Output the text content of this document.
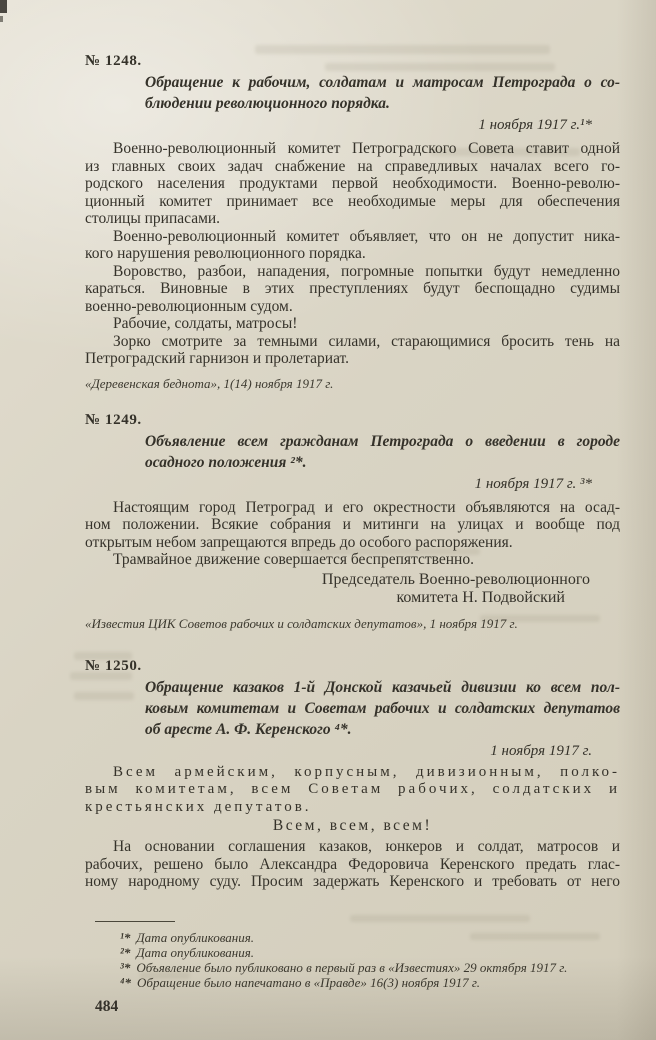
№ 1248.
Обращение к рабочим, солдатам и матросам Петрограда о со-
блюдении революционного порядка.
1 ноября 1917 г.¹*

Военно-революционный комитет Петроградского Совета ставит одной
из главных своих задач снабжение на справедливых началах всего го-
родского населения продуктами первой необходимости. Военно-револю-
ционный комитет принимает все необходимые меры для обеспечения
столицы припасами.

Военно-революционный комитет объявляет, что он не допустит ника-
кого нарушения революционного порядка.

Воровство, разбои, нападения, погромные попытки будут немедленно
караться. Виновные в этих преступлениях будут беспощадно судимы
военно-революционным судом.

Рабочие, солдаты, матросы!

Зорко смотрите за темными силами, старающимися бросить тень на
Петроградский гарнизон и пролетариат.

«Деревенская беднота», 1(14) ноября 1917 г.
№ 1249.
Объявление всем гражданам Петрограда о введении в городе
осадного положения ²*.
1 ноября 1917 г. ³*

Настоящим город Петроград и его окрестности объявляются на осад-
ном положении. Всякие собрания и митинги на улицах и вообще под
открытым небом запрещаются впредь до особого распоряжения.

Трамвайное движение совершается беспрепятственно.

Председатель Военно-революционного
комитета Н. Подвойский
«Известия ЦИК Советов рабочих и солдатских депутатов», 1 ноября 1917 г.
№ 1250.
Обращение казаков 1-й Донской казачьей дивизии ко всем пол-
ковым комитетам и Советам рабочих и солдатских депутатов
об аресте А. Ф. Керенского ⁴*.
1 ноября 1917 г.
Всем армейским, корпусным, дивизионным, полко-
вым комитетам, всем Советам рабочих, солдатских и
крестьянских депутатов.
Всем, всем, всем!

На основании соглашения казаков, юнкеров и солдат, матросов и
рабочих, решено было Александра Федоровича Керенского предать глас-
ному народному суду. Просим задержать Керенского и требовать от него

¹* Дата опубликования.
²* Дата опубликования.
³* Объявление было публиковано в первый раз в «Известиях» 29 октября 1917 г.
⁴* Обращение было напечатано в «Правде» 16(3) ноября 1917 г.
484
